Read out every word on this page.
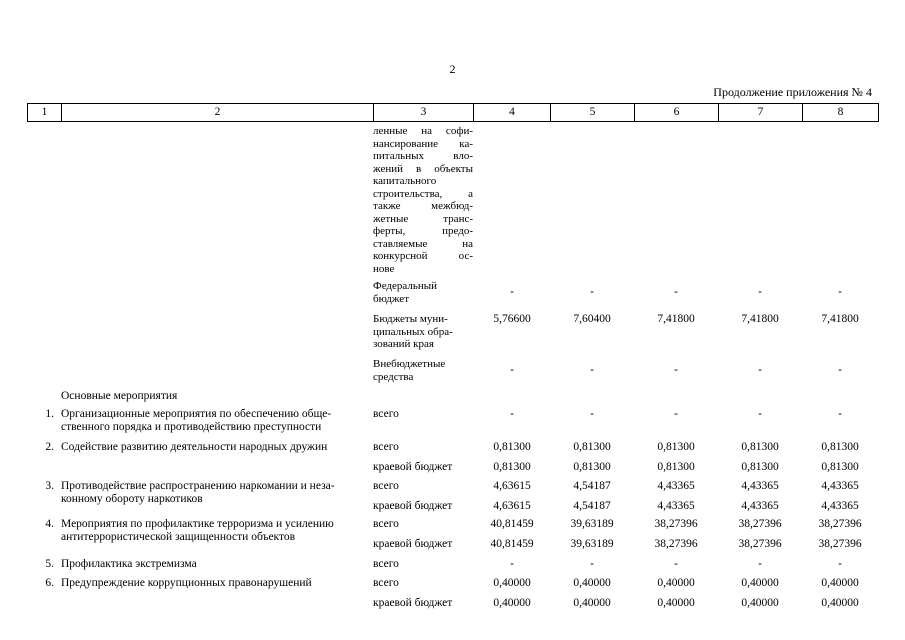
2
Продолжение приложения № 4
1	2	3	4	5	6	7	8
ленные на софи-
нансирование ка-
питальных вло-
жений в объекты
капитального
строительства, а
также межбюд-
жетные транс-
ферты, предо-
ставляемые на
конкурсной ос-
нове
Федеральный
бюджет
-	-	-	-	-
Бюджеты муни-
ципальных обра-
зований края
5,76600	7,60400	7,41800	7,41800	7,41800
Внебюджетные
средства
-	-	-	-	-
Основные мероприятия
1. Организационные мероприятия по обеспечению обще-
ственного порядка и противодействию преступности
всего	-	-	-	-	-
2. Содействие развитию деятельности народных дружин	всего	0,81300	0,81300	0,81300	0,81300	0,81300
краевой бюджет	0,81300	0,81300	0,81300	0,81300	0,81300
3. Противодействие распространению наркомании и неза-
конному обороту наркотиков
всего	4,63615	4,54187	4,43365	4,43365	4,43365
краевой бюджет	4,63615	4,54187	4,43365	4,43365	4,43365
4. Мероприятия по профилактике терроризма и усилению
антитеррористической защищенности объектов
всего	40,81459	39,63189	38,27396	38,27396	38,27396
краевой бюджет	40,81459	39,63189	38,27396	38,27396	38,27396
5. Профилактика экстремизма	всего	-	-	-	-	-
6. Предупреждение коррупционных правонарушений	всего	0,40000	0,40000	0,40000	0,40000	0,40000
краевой бюджет	0,40000	0,40000	0,40000	0,40000	0,40000
